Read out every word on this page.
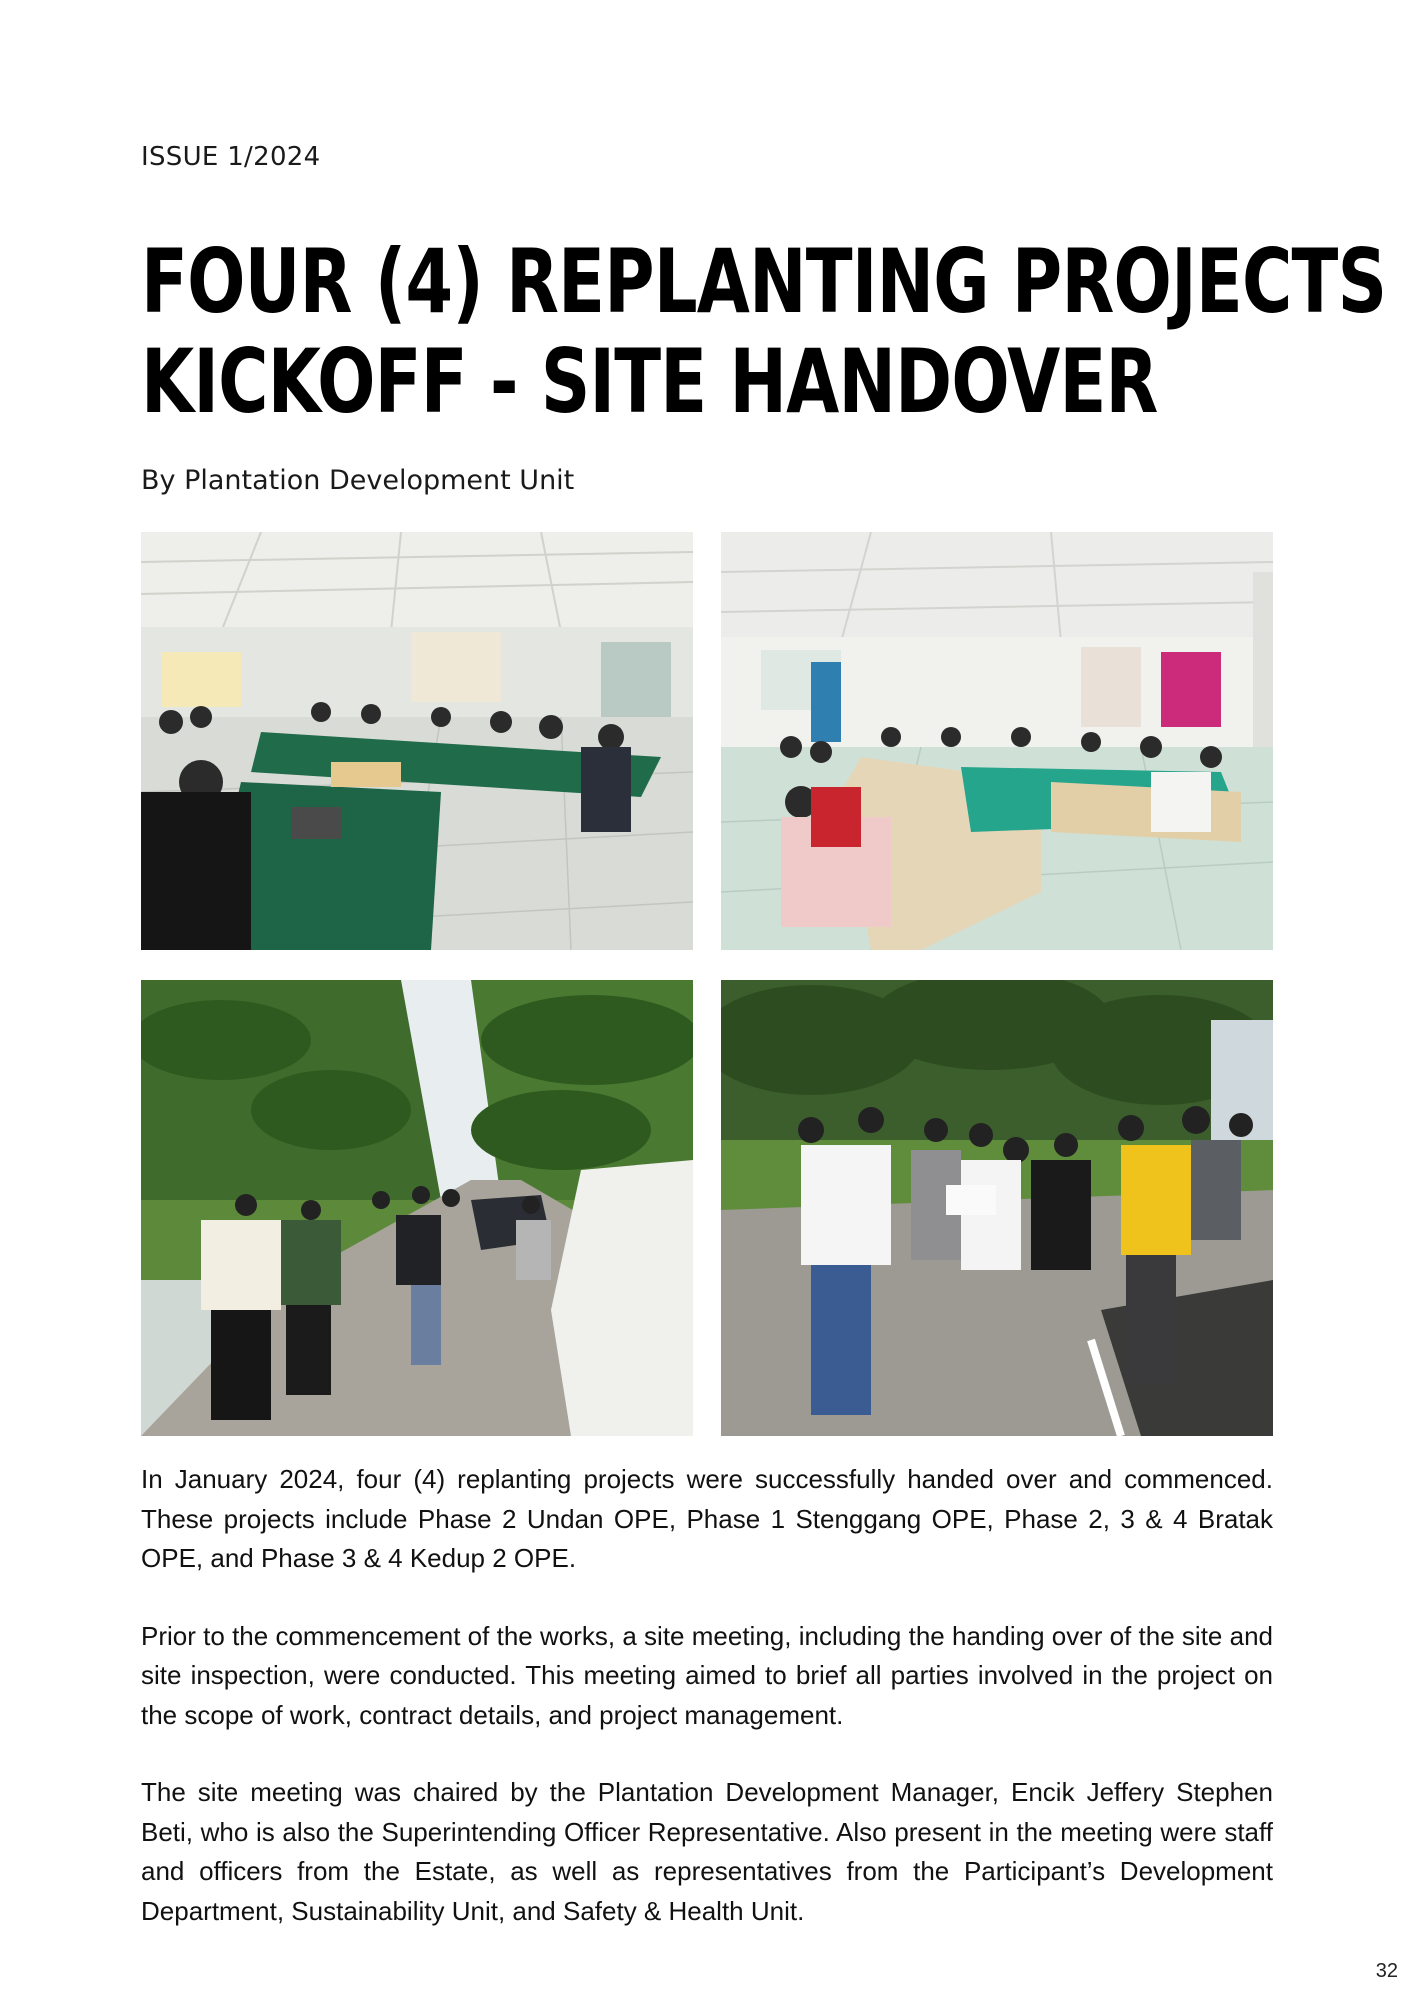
ISSUE 1/2024
FOUR (4) REPLANTING PROJECTS
KICKOFF - SITE HANDOVER
By Plantation Development Unit

In January 2024, four (4) replanting projects were successfully handed over and commenced. These projects include Phase 2 Undan OPE, Phase 1 Stenggang OPE, Phase 2, 3 & 4 Bratak OPE, and Phase 3 & 4 Kedup 2 OPE.

Prior to the commencement of the works, a site meeting, including the handing over of the site and site inspection, were conducted. This meeting aimed to brief all parties involved in the project on the scope of work, contract details, and project management.

The site meeting was chaired by the Plantation Development Manager, Encik Jeffery Stephen Beti, who is also the Superintending Officer Representative. Also present in the meeting were staff and officers from the Estate, as well as representatives from the Participant’s Development Department, Sustainability Unit, and Safety & Health Unit.

32
